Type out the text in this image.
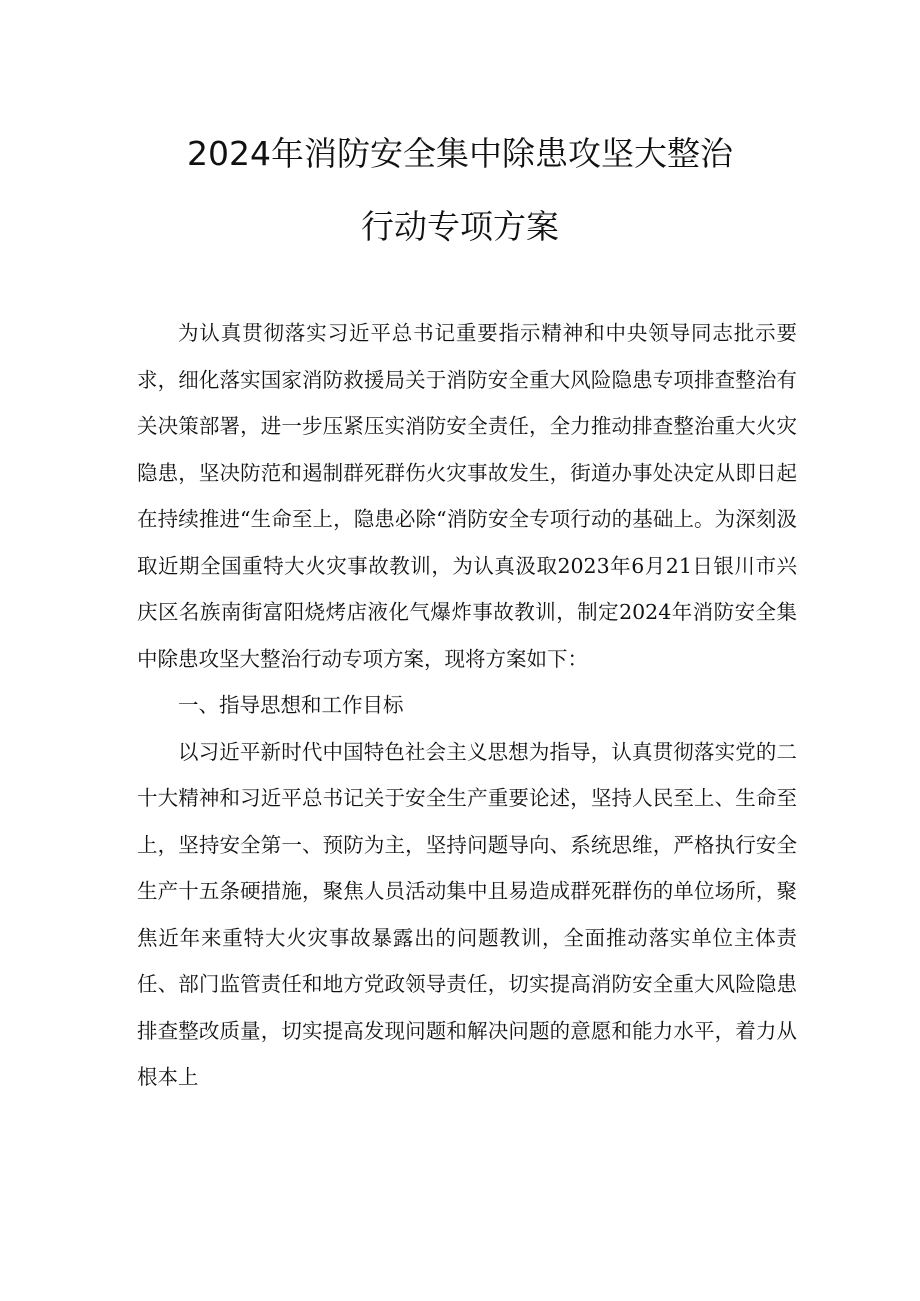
2024年消防安全集中除患攻坚大整治
行动专项方案

为认真贯彻落实习近平总书记重要指示精神和中央领导同志批示要求，细化落实国家消防救援局关于消防安全重大风险隐患专项排查整治有关决策部署，进一步压紧压实消防安全责任，全力推动排查整治重大火灾隐患，坚决防范和遏制群死群伤火灾事故发生，街道办事处决定从即日起在持续推进“生命至上，隐患必除“消防安全专项行动的基础上。为深刻汲取近期全国重特大火灾事故教训，为认真汲取2023年6月21日银川市兴庆区名族南街富阳烧烤店液化气爆炸事故教训，制定2024年消防安全集中除患攻坚大整治行动专项方案，现将方案如下：

一、指导思想和工作目标

以习近平新时代中国特色社会主义思想为指导，认真贯彻落实党的二十大精神和习近平总书记关于安全生产重要论述，坚持人民至上、生命至上，坚持安全第一、预防为主，坚持问题导向、系统思维，严格执行安全生产十五条硬措施，聚焦人员活动集中且易造成群死群伤的单位场所，聚焦近年来重特大火灾事故暴露出的问题教训，全面推动落实单位主体责任、部门监管责任和地方党政领导责任，切实提高消防安全重大风险隐患排查整改质量，切实提高发现问题和解决问题的意愿和能力水平，着力从根本上
